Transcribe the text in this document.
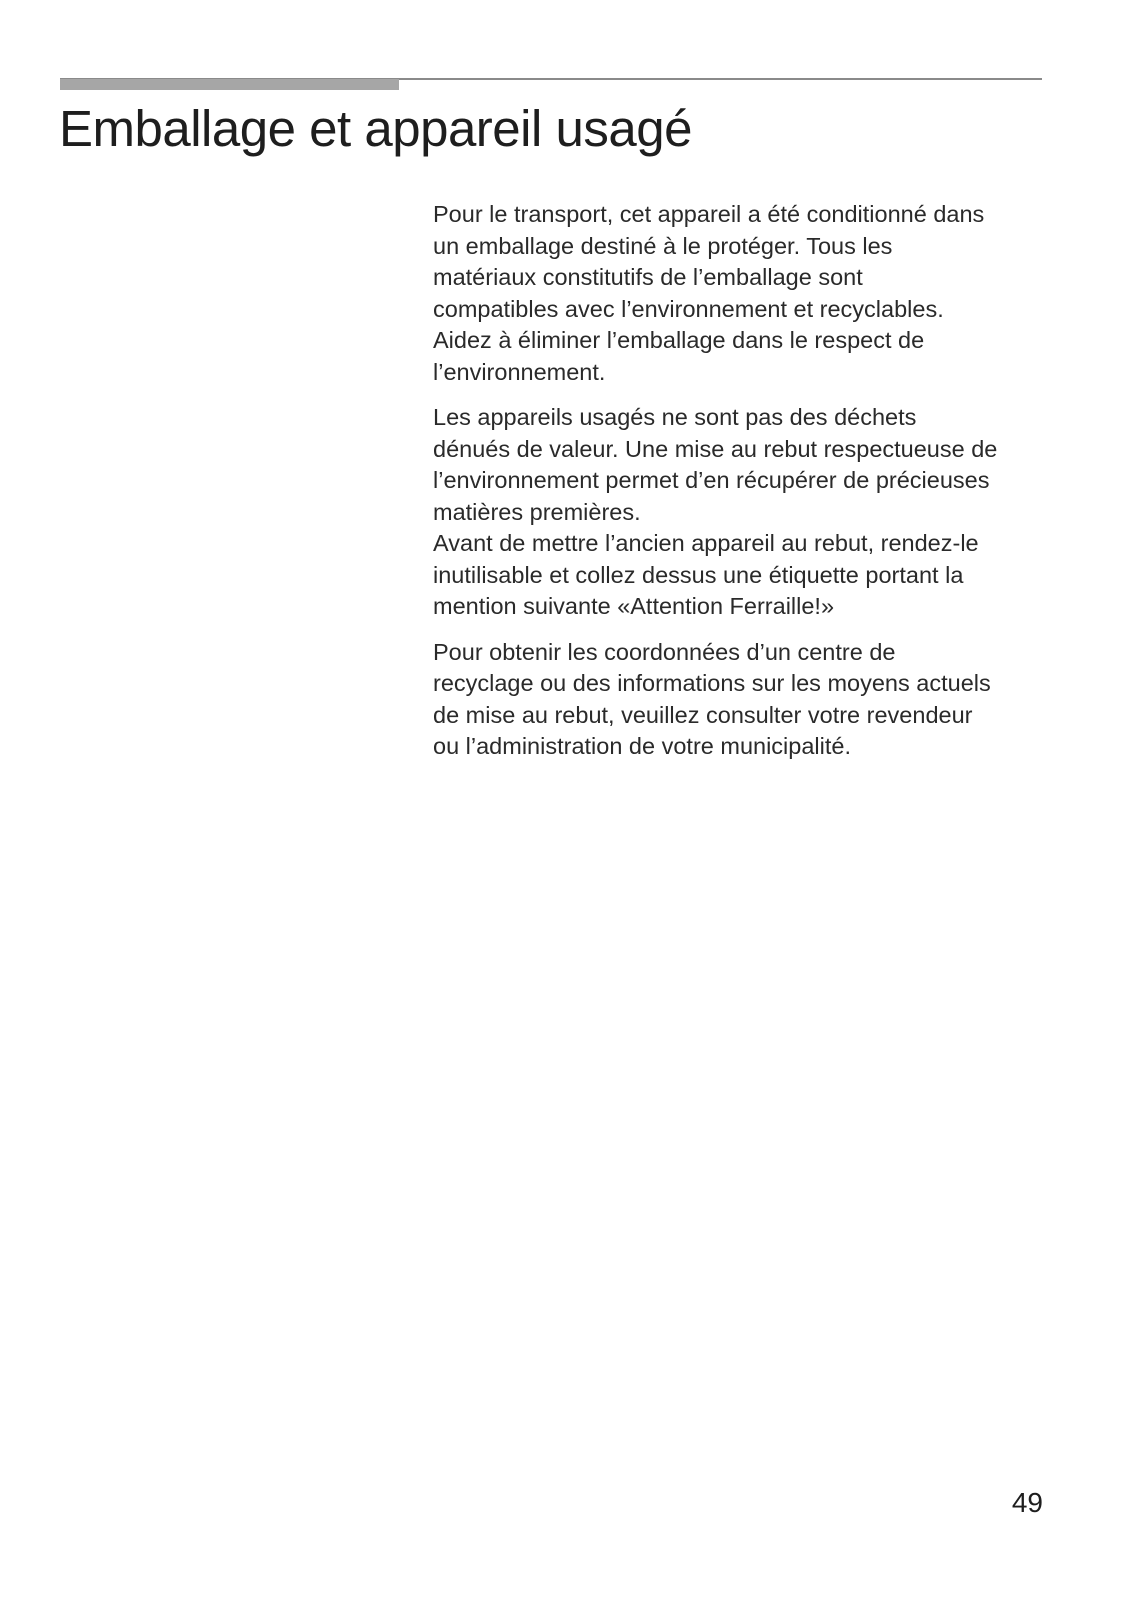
Emballage et appareil usagé

Pour le transport, cet appareil a été conditionné dans
un emballage destiné à le protéger. Tous les
matériaux constitutifs de l’emballage sont
compatibles avec l’environnement et recyclables.
Aidez à éliminer l’emballage dans le respect de
l’environnement.

Les appareils usagés ne sont pas des déchets
dénués de valeur. Une mise au rebut respectueuse de
l’environnement permet d’en récupérer de précieuses
matières premières.
Avant de mettre l’ancien appareil au rebut, rendez-le
inutilisable et collez dessus une étiquette portant la
mention suivante «Attention Ferraille!»

Pour obtenir les coordonnées d’un centre de
recyclage ou des informations sur les moyens actuels
de mise au rebut, veuillez consulter votre revendeur
ou l’administration de votre municipalité.

49
